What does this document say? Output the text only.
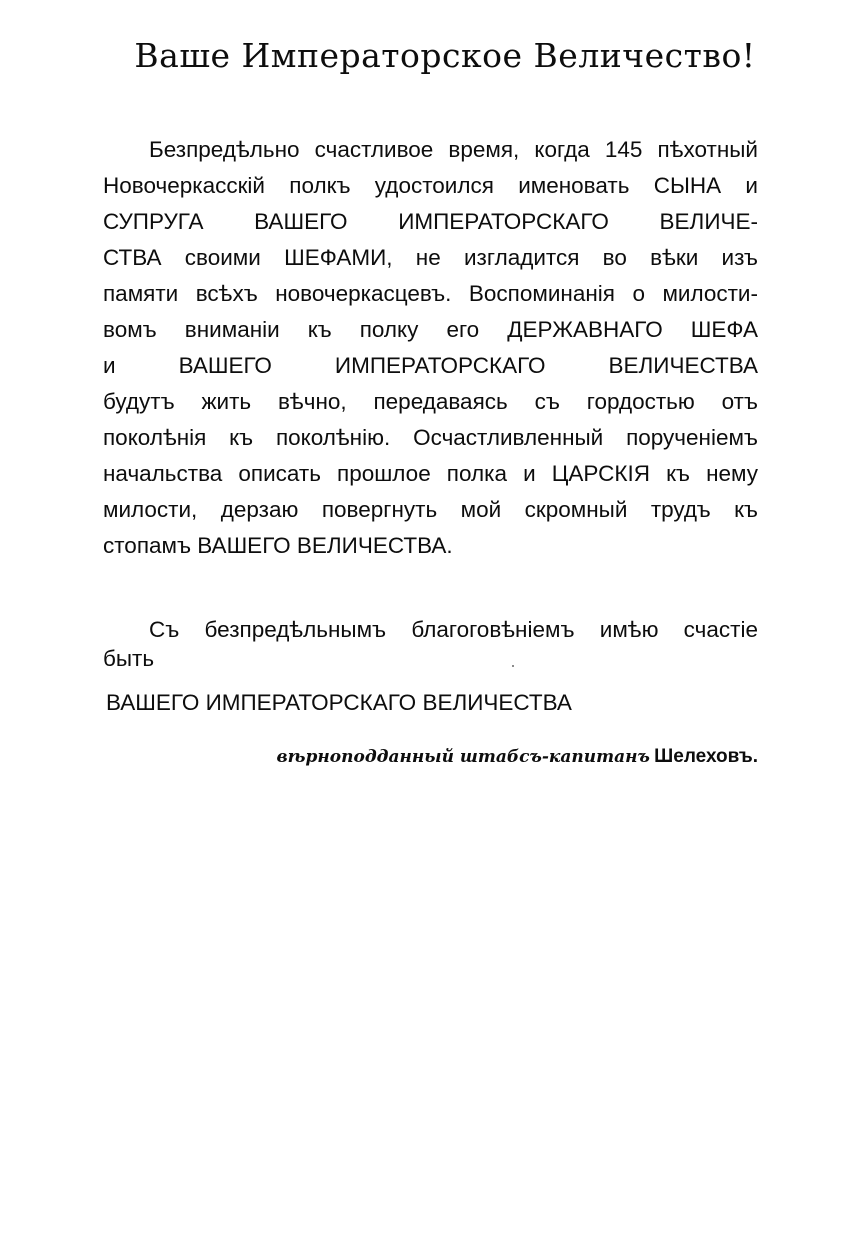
Ваше Императорское Величество!
Безпредѣльно счастливое время, когда 145 пѣхотный
Новочеркасскій полкъ удостоился именовать СЫНА и
СУПРУГА ВАШЕГО ИМПЕРАТОРСКАГО ВЕЛИЧЕ-
СТВА своими ШЕФАМИ, не изгладится во вѣки изъ
памяти всѣхъ новочеркасцевъ. Воспоминанія о милости-
вомъ вниманіи къ полку его ДЕРЖАВНАГО ШЕФА
и ВАШЕГО ИМПЕРАТОРСКАГО ВЕЛИЧЕСТВА
будутъ жить вѣчно, передаваясь съ гордостью отъ
поколѣнія къ поколѣнію. Осчастливленный порученіемъ
начальства описать прошлое полка и ЦАРСКІЯ къ нему
милости, дерзаю повергнуть мой скромный трудъ къ
стопамъ ВАШЕГО ВЕЛИЧЕСТВА.
Съ безпредѣльнымъ благоговѣніемъ имѣю счастіе
быть
ВАШЕГО ИМПЕРАТОРСКАГО ВЕЛИЧЕСТВА
вѣрноподданный штабсъ-капитанъ Шелеховъ.
